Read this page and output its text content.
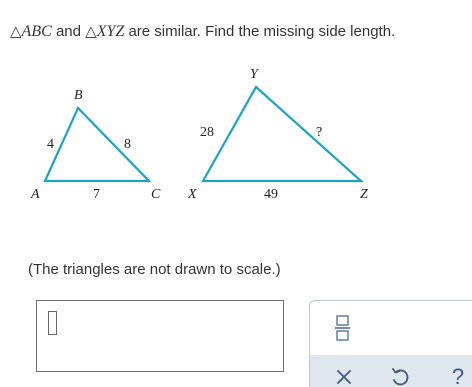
△ABC and △XYZ are similar. Find the missing side length.
A
B
C
4	8
7	X
Y
Z
28	?
49
(The triangles are not drawn to scale.)
?
